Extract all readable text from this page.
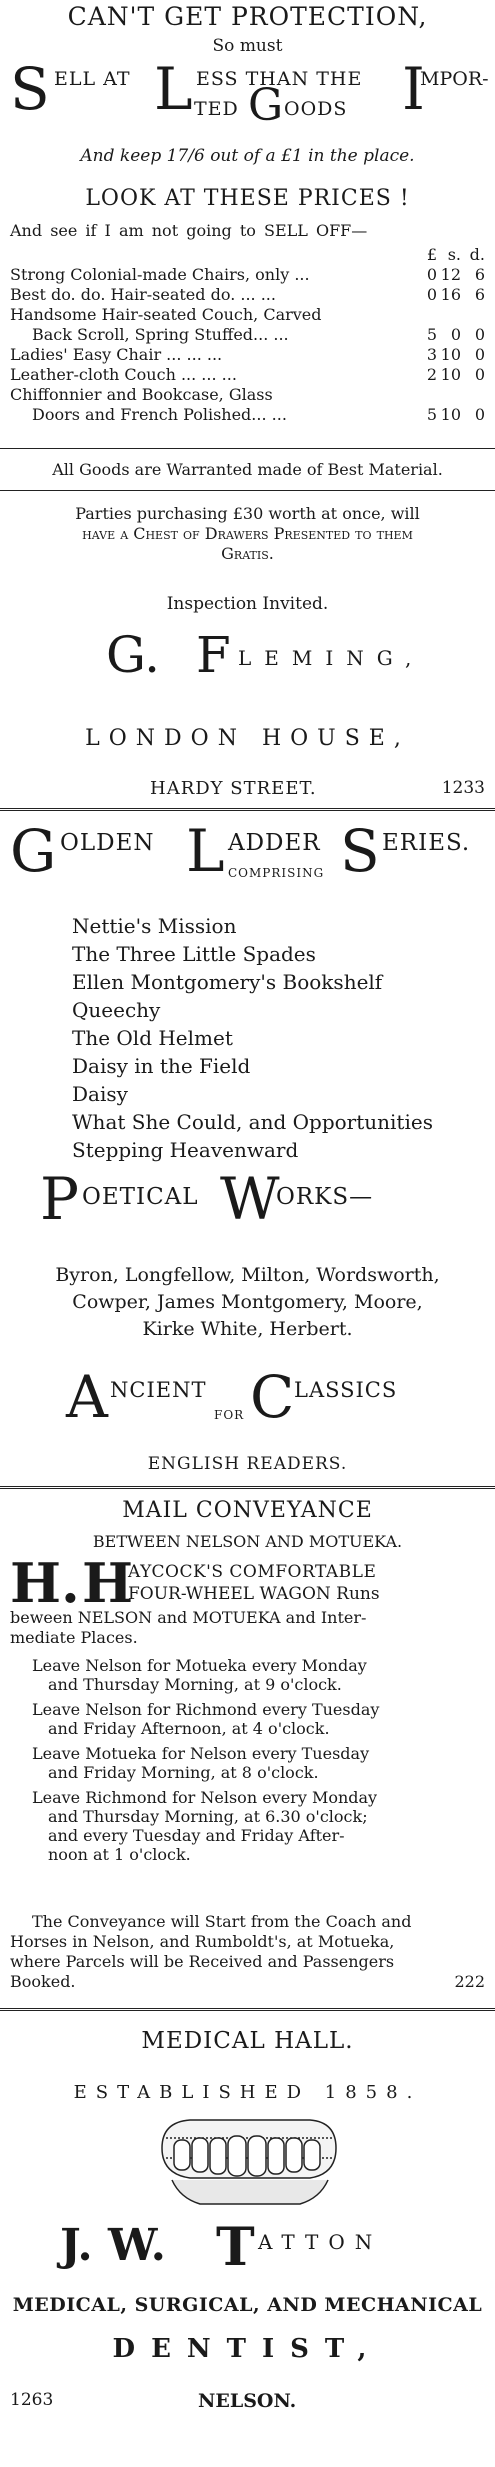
CAN'T GET PROTECTION,
So must
S ELL AT L ESS THAN THE I
MPOR-
TED G OODS
And keep 17/6 out of a £1 in the place.
LOOK AT THESE PRICES !
And see if I am not going to SELL OFF—
£ s. d.
Strong Colonial-made Chairs, only ...	0 12 6
Best do. do. Hair-seated do. ... ...	0 16 6
Handsome Hair-seated Couch, Carved
Back Scroll, Spring Stuffed... ...	5 0 0
Ladies' Easy Chair ... ... ...	3 10 0
Leather-cloth Couch ... ... ...	2 10 0
Chiffonnier and Bookcase, Glass
Doors and French Polished... ...	5 10 0
All Goods are Warranted made of Best Material.
Parties purchasing £30 worth at once, will
have a Chest of Drawers Presented to them
Gratis.
Inspection Invited.
G. F LEMING,
LONDON HOUSE,
HARDY STREET.	1233
G OLDEN L ADDER
COMPRISING S ERIES.
Nettie's Mission
The Three Little Spades
Ellen Montgomery's Bookshelf
Queechy
The Old Helmet
Daisy in the Field
Daisy
What She Could, and Opportunities
Stepping Heavenward
P OETICAL W
ORKS—
Byron, Longfellow, Milton, Wordsworth,
Cowper, James Montgomery, Moore,
Kirke White, Herbert.
A NCIENT
FOR C LASSICS
ENGLISH READERS.
MAIL CONVEYANCE
BETWEEN NELSON AND MOTUEKA.
H. H
AYCOCK'S COMFORTABLE
FOUR-WHEEL WAGON Runs
beween NELSON and MOTUEKA and Inter-
mediate Places.
Leave Nelson for Motueka every Monday
and Thursday Morning, at 9 o'clock.
Leave Nelson for Richmond every Tuesday
and Friday Afternoon, at 4 o'clock.
Leave Motueka for Nelson every Tuesday
and Friday Morning, at 8 o'clock.
Leave Richmond for Nelson every Monday
and Thursday Morning, at 6.30 o'clock;
and every Tuesday and Friday After-
noon at 1 o'clock.
The Conveyance will Start from the Coach and
Horses in Nelson, and Rumboldt's, at Motueka,
where Parcels will be Received and Passengers
Booked.	222
MEDICAL HALL.
ESTABLISHED 1858.
J. W. T ATTON
MEDICAL, SURGICAL, AND MECHANICAL
DENTIST,
1263	NELSON.
